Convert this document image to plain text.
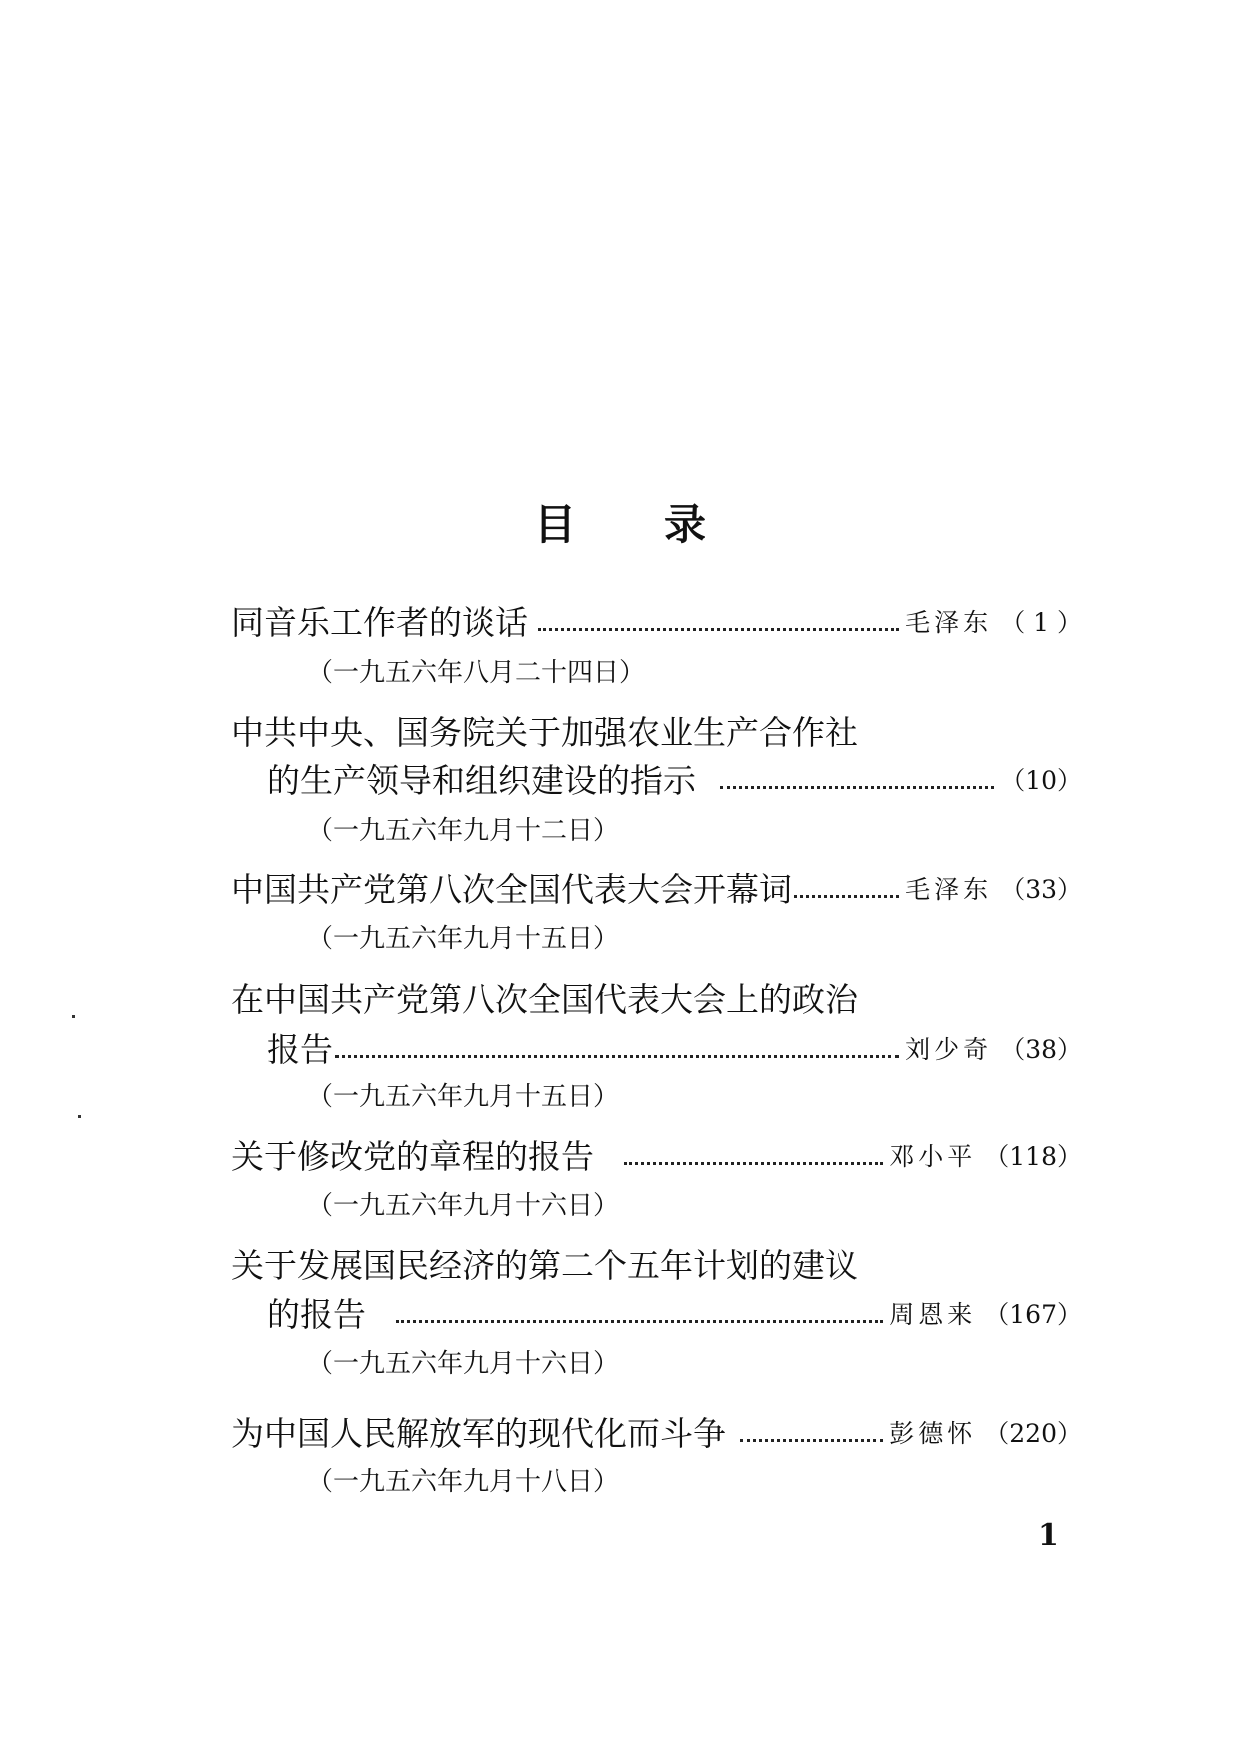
目 录
同音乐工作者的谈话	毛泽东 （ 1 ）
（一九五六年八月二十四日）
中共中央、国务院关于加强农业生产合作社
的生产领导和组织建设的指示	（10）
（一九五六年九月十二日）
中国共产党第八次全国代表大会开幕词	毛泽东 （33）
（一九五六年九月十五日）
在中国共产党第八次全国代表大会上的政治
报告	刘少奇 （38）
（一九五六年九月十五日）
关于修改党的章程的报告	邓小平 （118）
（一九五六年九月十六日）
关于发展国民经济的第二个五年计划的建议
的报告	周恩来 （167）
（一九五六年九月十六日）
为中国人民解放军的现代化而斗争	彭德怀 （220）
（一九五六年九月十八日）
1
